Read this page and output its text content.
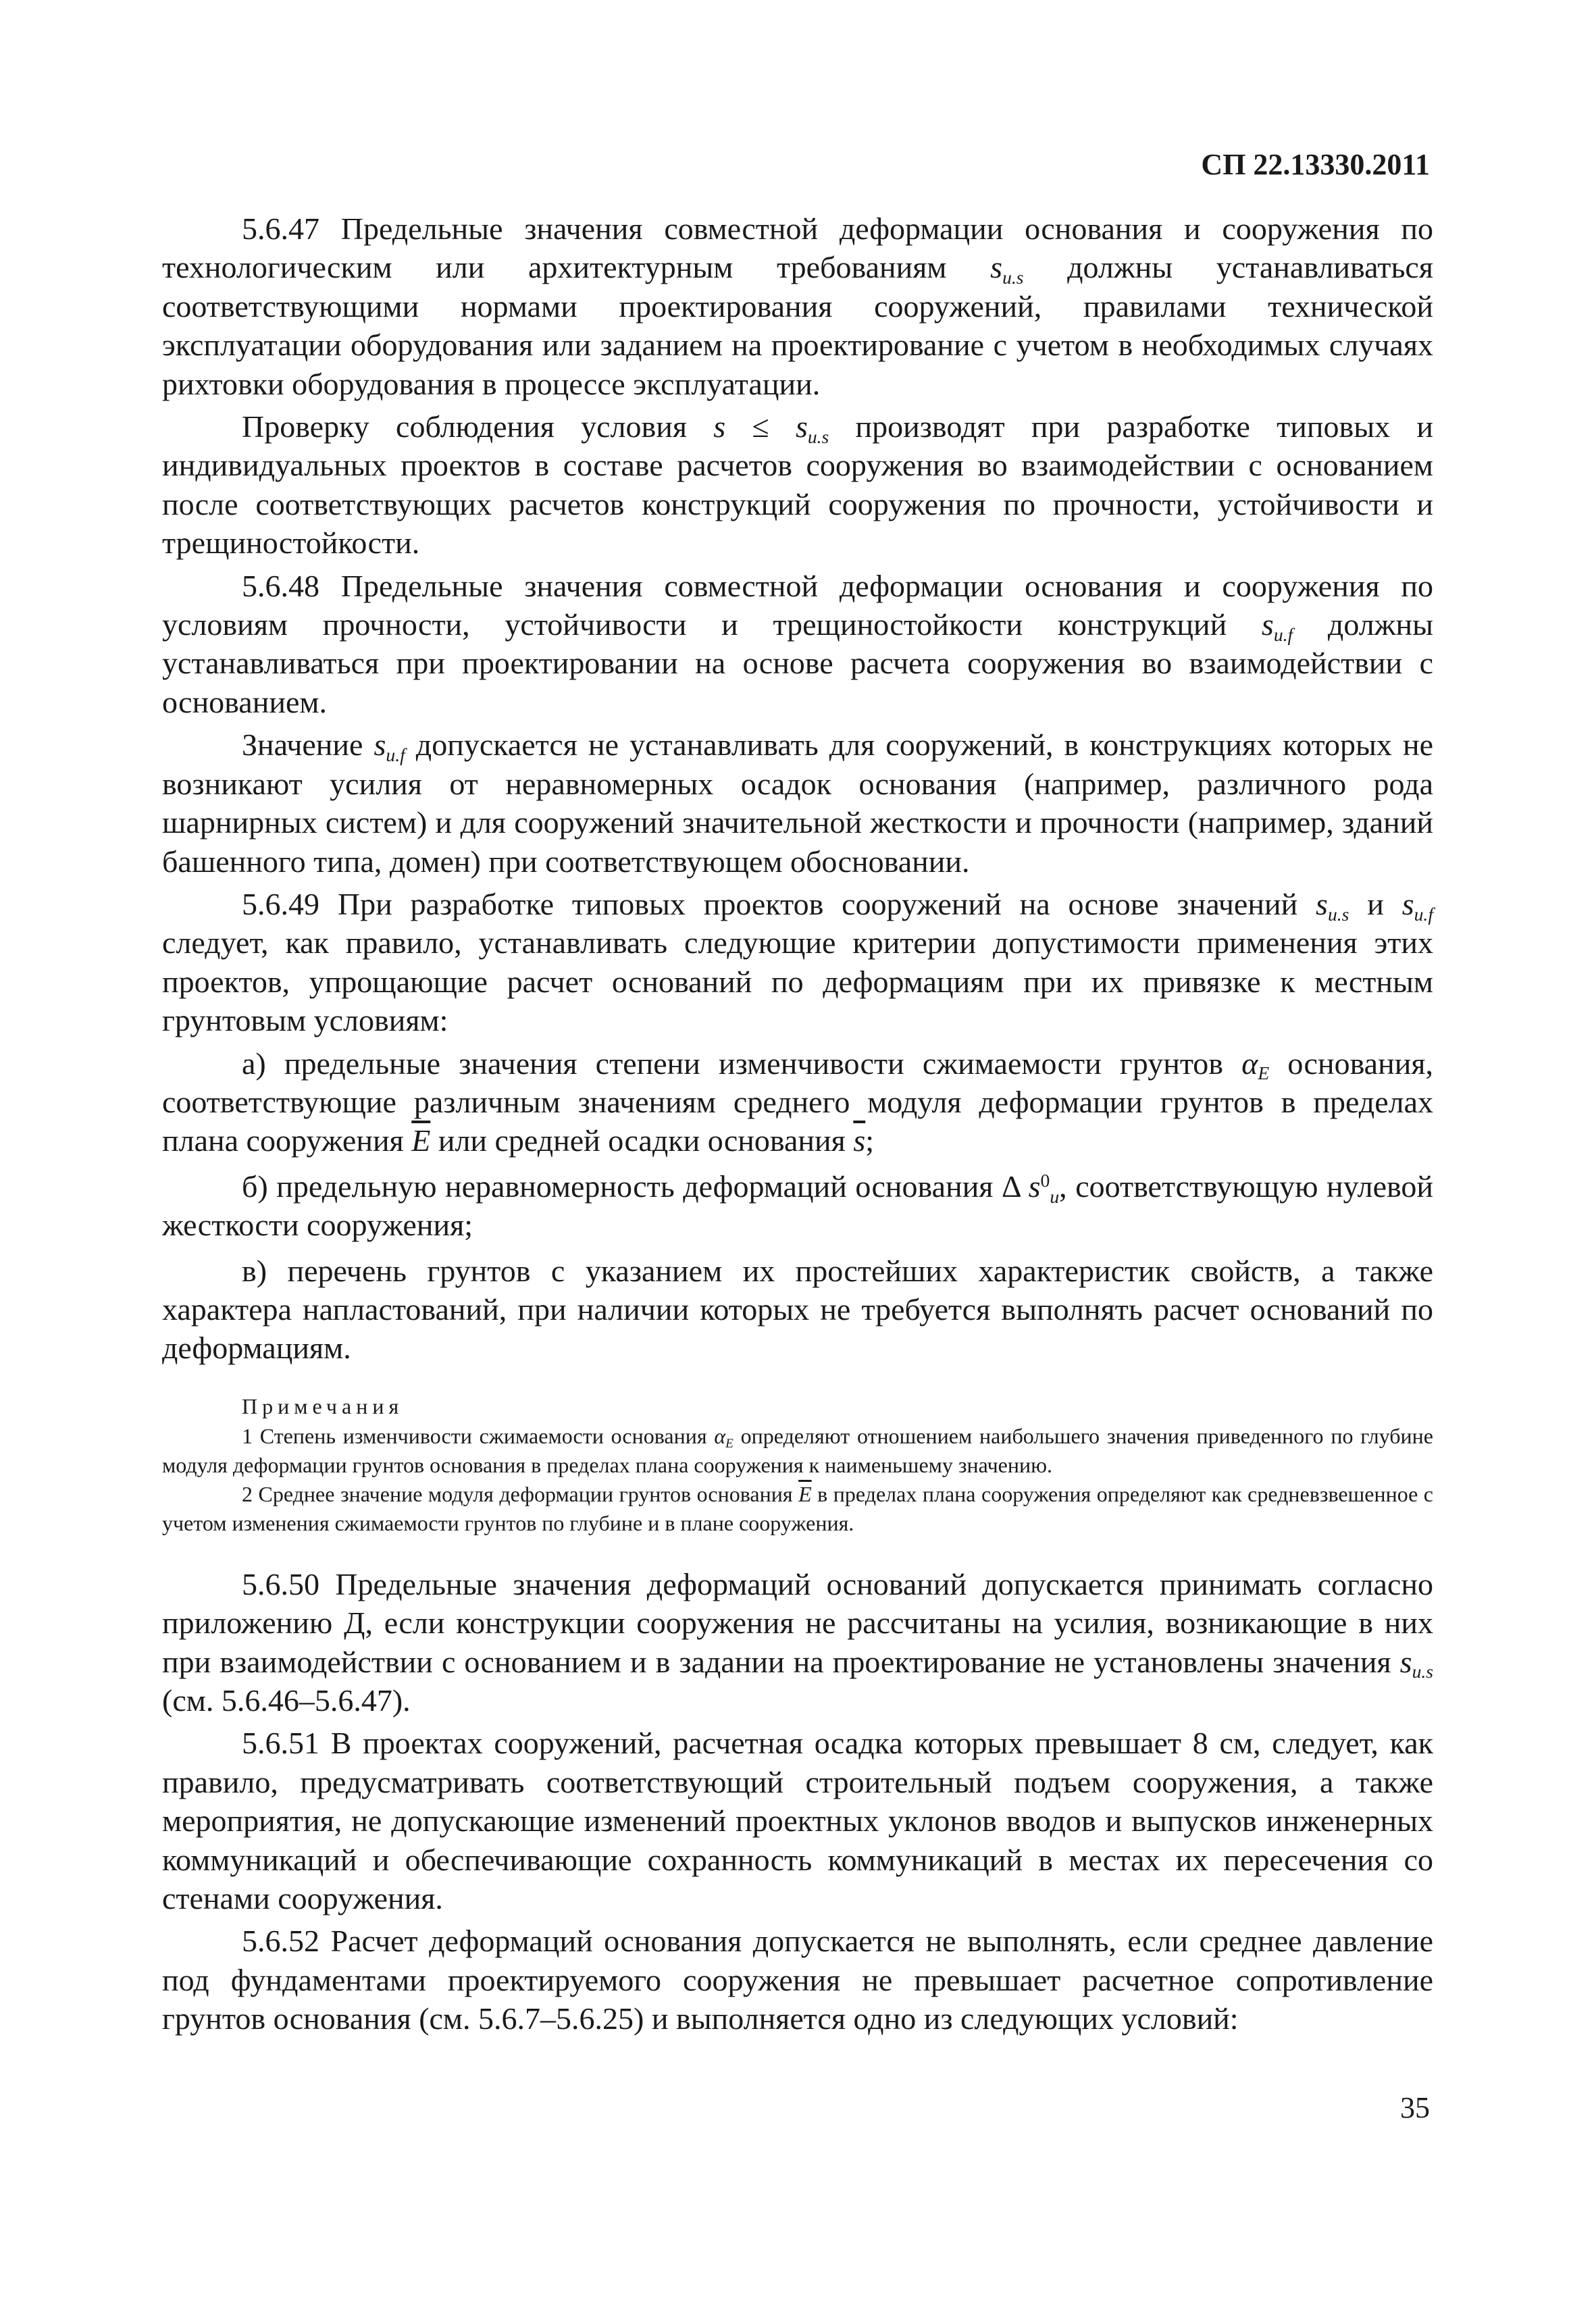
СП 22.13330.2011

5.6.47 Предельные значения совместной деформации основания и сооружения по технологическим или архитектурным требованиям $s_{u.s}$ должны устанавливаться соответствующими нормами проектирования сооружений, правилами технической эксплуатации оборудования или заданием на проектирование с учетом в необходимых случаях рихтовки оборудования в процессе эксплуатации.

Проверку соблюдения условия $s \le s_{u.s}$ производят при разработке типовых и индивидуальных проектов в составе расчетов сооружения во взаимодействии с основанием после соответствующих расчетов конструкций сооружения по прочности, устойчивости и трещиностойкости.

5.6.48 Предельные значения совместной деформации основания и сооружения по условиям прочности, устойчивости и трещиностойкости конструкций $s_{u.f}$ должны устанавливаться при проектировании на основе расчета сооружения во взаимодействии с основанием.

Значение $s_{u.f}$ допускается не устанавливать для сооружений, в конструкциях которых не возникают усилия от неравномерных осадок основания (например, различного рода шарнирных систем) и для сооружений значительной жесткости и прочности (например, зданий башенного типа, домен) при соответствующем обосновании.

5.6.49 При разработке типовых проектов сооружений на основе значений $s_{u.s}$ и $s_{u.f}$ следует, как правило, устанавливать следующие критерии допустимости применения этих проектов, упрощающие расчет оснований по деформациям при их привязке к местным грунтовым условиям:

а) предельные значения степени изменчивости сжимаемости грунтов $\alpha_E$ основания, соответствующие различным значениям среднего модуля деформации грунтов в пределах плана сооружения $\overline{E}$ или средней осадки основания $\overline{s}$;

б) предельную неравномерность деформаций основания Δ $s^0_u$, соответствующую нулевой жесткости сооружения;

в) перечень грунтов с указанием их простейших характеристик свойств, а также характера напластований, при наличии которых не требуется выполнять расчет оснований по деформациям.

Примечания

1 Степень изменчивости сжимаемости основания $\alpha_E$ определяют отношением наибольшего значения приведенного по глубине модуля деформации грунтов основания в пределах плана сооружения к наименьшему значению.

2 Среднее значение модуля деформации грунтов основания $\overline{E}$ в пределах плана сооружения определяют как средневзвешенное с учетом изменения сжимаемости грунтов по глубине и в плане сооружения.

5.6.50 Предельные значения деформаций оснований допускается принимать согласно приложению Д, если конструкции сооружения не рассчитаны на усилия, возникающие в них при взаимодействии с основанием и в задании на проектирование не установлены значения $s_{u.s}$ (см. 5.6.46–5.6.47).

5.6.51 В проектах сооружений, расчетная осадка которых превышает 8 см, следует, как правило, предусматривать соответствующий строительный подъем сооружения, а также мероприятия, не допускающие изменений проектных уклонов вводов и выпусков инженерных коммуникаций и обеспечивающие сохранность коммуникаций в местах их пересечения со стенами сооружения.

5.6.52 Расчет деформаций основания допускается не выполнять, если среднее давление под фундаментами проектируемого сооружения не превышает расчетное сопротивление грунтов основания (см. 5.6.7–5.6.25) и выполняется одно из следующих условий:

35
